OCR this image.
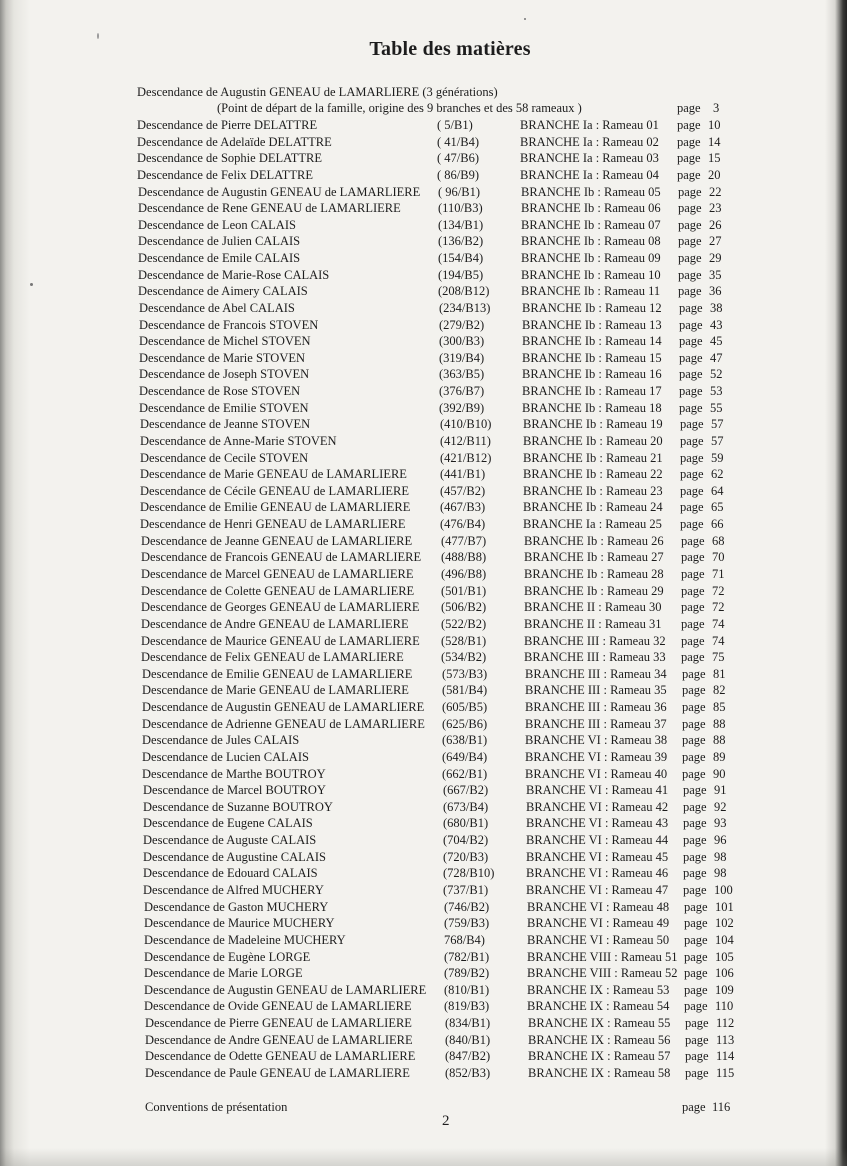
Table des matières
Descendance de Augustin GENEAU de LAMARLIERE (3 générations)
(Point de départ de la famille, origine des 9 branches et des 58 rameaux )	page 3
Descendance de Pierre DELATTRE	( 5/B1)	BRANCHE Ia : Rameau 01 page 10
Descendance de Adelaïde DELATTRE	( 41/B4)	BRANCHE Ia : Rameau 02 page 14
Descendance de Sophie DELATTRE	( 47/B6)	BRANCHE Ia : Rameau 03 page 15
Descendance de Felix DELATTRE	( 86/B9)	BRANCHE Ia : Rameau 04 page 20
Descendance de Augustin GENEAU de LAMARLIERE ( 96/B1)	BRANCHE Ib : Rameau 05 page 22
Descendance de Rene GENEAU de LAMARLIERE	(110/B3)	BRANCHE Ib : Rameau 06 page 23
Descendance de Leon CALAIS	(134/B1)	BRANCHE Ib : Rameau 07 page 26
Descendance de Julien CALAIS	(136/B2)	BRANCHE Ib : Rameau 08 page 27
Descendance de Emile CALAIS	(154/B4)	BRANCHE Ib : Rameau 09 page 29
Descendance de Marie-Rose CALAIS	(194/B5)	BRANCHE Ib : Rameau 10 page 35
Descendance de Aimery CALAIS	(208/B12)	BRANCHE Ib : Rameau 11 page 36
Descendance de Abel CALAIS	(234/B13)	BRANCHE Ib : Rameau 12 page 38
Descendance de Francois STOVEN	(279/B2)	BRANCHE Ib : Rameau 13 page 43
Descendance de Michel STOVEN	(300/B3)	BRANCHE Ib : Rameau 14 page 45
Descendance de Marie STOVEN	(319/B4)	BRANCHE Ib : Rameau 15 page 47
Descendance de Joseph STOVEN	(363/B5)	BRANCHE Ib : Rameau 16 page 52
Descendance de Rose STOVEN	(376/B7)	BRANCHE Ib : Rameau 17 page 53
Descendance de Emilie STOVEN	(392/B9)	BRANCHE Ib : Rameau 18 page 55
Descendance de Jeanne STOVEN	(410/B10)	BRANCHE Ib : Rameau 19 page 57
Descendance de Anne-Marie STOVEN	(412/B11)	BRANCHE Ib : Rameau 20 page 57
Descendance de Cecile STOVEN	(421/B12)	BRANCHE Ib : Rameau 21 page 59
Descendance de Marie GENEAU de LAMARLIERE	(441/B1)	BRANCHE Ib : Rameau 22 page 62
Descendance de Cécile GENEAU de LAMARLIERE (457/B2)	BRANCHE Ib : Rameau 23 page 64
Descendance de Emilie GENEAU de LAMARLIERE (467/B3)	BRANCHE Ib : Rameau 24 page 65
Descendance de Henri GENEAU de LAMARLIERE	(476/B4)	BRANCHE Ia : Rameau 25 page 66
Descendance de Jeanne GENEAU de LAMARLIERE (477/B7)	BRANCHE Ib : Rameau 26 page 68
Descendance de Francois GENEAU de LAMARLIERE (488/B8)	BRANCHE Ib : Rameau 27 page 70
Descendance de Marcel GENEAU de LAMARLIERE (496/B8)	BRANCHE Ib : Rameau 28 page 71
Descendance de Colette GENEAU de LAMARLIERE (501/B1)	BRANCHE Ib : Rameau 29 page 72
Descendance de Georges GENEAU de LAMARLIERE (506/B2)	BRANCHE II : Rameau 30 page 72
Descendance de Andre GENEAU de LAMARLIERE	(522/B2)	BRANCHE II : Rameau 31 page 74
Descendance de Maurice GENEAU de LAMARLIERE (528/B1)	BRANCHE III : Rameau 32 page 74
Descendance de Felix GENEAU de LAMARLIERE	(534/B2)	BRANCHE III : Rameau 33 page 75
Descendance de Emilie GENEAU de LAMARLIERE (573/B3)	BRANCHE III : Rameau 34 page 81
Descendance de Marie GENEAU de LAMARLIERE	(581/B4)	BRANCHE III : Rameau 35 page 82
Descendance de Augustin GENEAU de LAMARLIERE (605/B5)	BRANCHE III : Rameau 36 page 85
Descendance de Adrienne GENEAU de LAMARLIERE (625/B6)	BRANCHE III : Rameau 37 page 88
Descendance de Jules CALAIS	(638/B1)	BRANCHE VI : Rameau 38 page 88
Descendance de Lucien CALAIS	(649/B4)	BRANCHE VI : Rameau 39 page 89
Descendance de Marthe BOUTROY	(662/B1)	BRANCHE VI : Rameau 40 page 90
Descendance de Marcel BOUTROY	(667/B2)	BRANCHE VI : Rameau 41 page 91
Descendance de Suzanne BOUTROY	(673/B4)	BRANCHE VI : Rameau 42 page 92
Descendance de Eugene CALAIS	(680/B1)	BRANCHE VI : Rameau 43 page 93
Descendance de Auguste CALAIS	(704/B2)	BRANCHE VI : Rameau 44 page 96
Descendance de Augustine CALAIS	(720/B3)	BRANCHE VI : Rameau 45 page 98
Descendance de Edouard CALAIS	(728/B10)	BRANCHE VI : Rameau 46 page 98
Descendance de Alfred MUCHERY	(737/B1)	BRANCHE VI : Rameau 47 page 100
Descendance de Gaston MUCHERY	(746/B2)	BRANCHE VI : Rameau 48 page 101
Descendance de Maurice MUCHERY	(759/B3)	BRANCHE VI : Rameau 49 page 102
Descendance de Madeleine MUCHERY	768/B4)	BRANCHE VI : Rameau 50 page 104
Descendance de Eugène LORGE	(782/B1)	BRANCHE VIII : Rameau 51 page 105
Descendance de Marie LORGE	(789/B2)	BRANCHE VIII : Rameau 52 page 106
Descendance de Augustin GENEAU de LAMARLIERE (810/B1)	BRANCHE IX : Rameau 53 page 109
Descendance de Ovide GENEAU de LAMARLIERE	(819/B3)	BRANCHE IX : Rameau 54 page 110
Descendance de Pierre GENEAU de LAMARLIERE	(834/B1)	BRANCHE IX : Rameau 55 page 112
Descendance de Andre GENEAU de LAMARLIERE	(840/B1)	BRANCHE IX : Rameau 56 page 113
Descendance de Odette GENEAU de LAMARLIERE (847/B2)	BRANCHE IX : Rameau 57 page 114
Descendance de Paule GENEAU de LAMARLIERE	(852/B3)	BRANCHE IX : Rameau 58 page 115
Conventions de présentation	page 116
2
